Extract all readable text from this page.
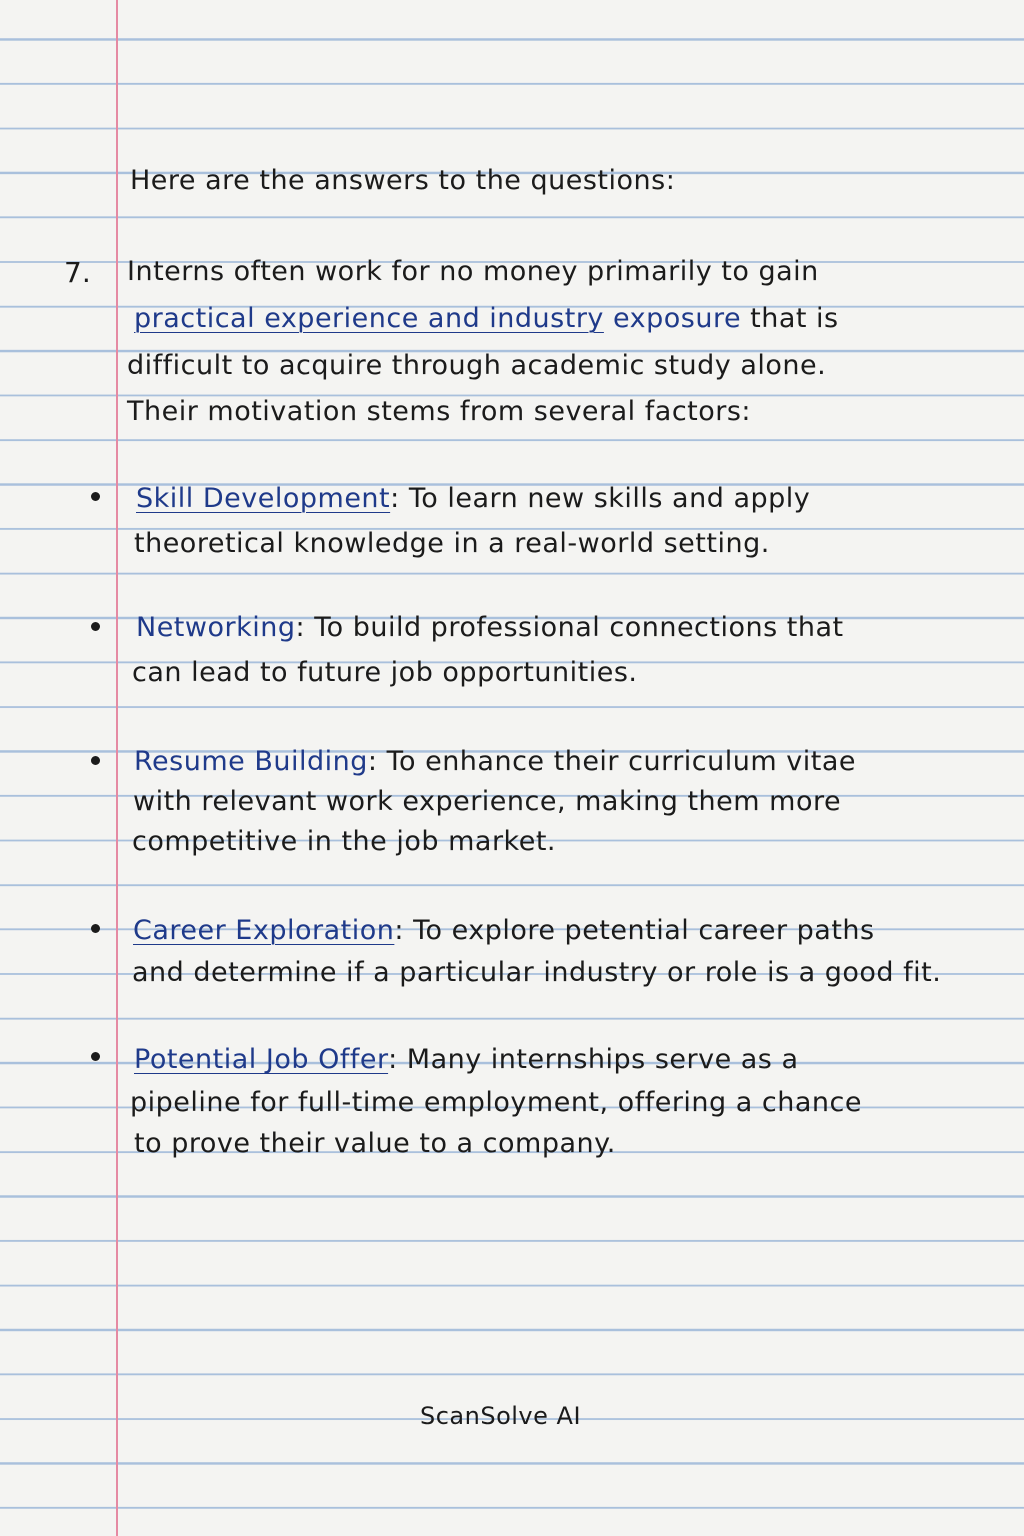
Here are the answers to the questions:
7. Interns often work for no money primarily to gain
practical experience and industry exposure that is
difficult to acquire through academic study alone.
Their motivation stems from several factors:
Skill Development: To learn new skills and apply
theoretical knowledge in a real-world setting.
Networking: To build professional connections that
can lead to future job opportunities.
Resume Building: To enhance their curriculum vitae
with relevant work experience, making them more
competitive in the job market.
Career Exploration: To explore petential career paths
and determine if a particular industry or role is a good fit.
Potential Job Offer: Many internships serve as a
pipeline for full-time employment, offering a chance
to prove their value to a company.
ScanSolve AI
